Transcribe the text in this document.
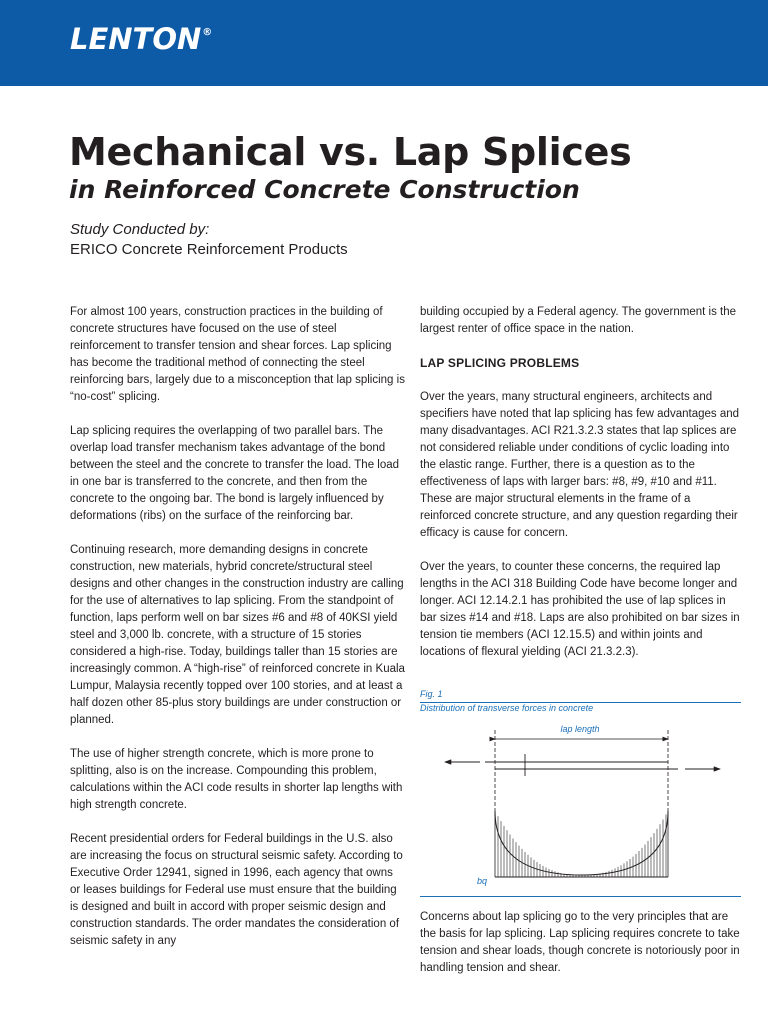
LENTON®
Mechanical vs. Lap Splices
in Reinforced Concrete Construction
Study Conducted by:
ERICO Concrete Reinforcement Products

For almost 100 years, construction practices in the building of concrete structures have focused on the use of steel reinforcement to transfer tension and shear forces. Lap splicing has become the traditional method of connecting the steel reinforcing bars, largely due to a misconception that lap splicing is “no-cost” splicing.

Lap splicing requires the overlapping of two parallel bars. The overlap load transfer mechanism takes advantage of the bond between the steel and the concrete to transfer the load. The load in one bar is transferred to the concrete, and then from the concrete to the ongoing bar. The bond is largely influenced by deformations (ribs) on the surface of the reinforcing bar.

Continuing research, more demanding designs in concrete construction, new materials, hybrid concrete/structural steel designs and other changes in the construction industry are calling for the use of alternatives to lap splicing. From the standpoint of function, laps perform well on bar sizes #6 and #8 of 40KSI yield steel and 3,000 lb. concrete, with a structure of 15 stories considered a high-rise. Today, buildings taller than 15 stories are increasingly common. A “high-rise” of reinforced concrete in Kuala Lumpur, Malaysia recently topped over 100 stories, and at least a half dozen other 85-plus story buildings are under construction or planned.

The use of higher strength concrete, which is more prone to splitting, also is on the increase. Compounding this problem, calculations within the ACI code results in shorter lap lengths with high strength concrete.

Recent presidential orders for Federal buildings in the U.S. also are increasing the focus on structural seismic safety. According to Executive Order 12941, signed in 1996, each agency that owns or leases buildings for Federal use must ensure that the building is designed and built in accord with proper seismic design and construction standards. The order mandates the consideration of seismic safety in any

building occupied by a Federal agency. The government is the largest renter of office space in the nation.

LAP SPLICING PROBLEMS

Over the years, many structural engineers, architects and specifiers have noted that lap splicing has few advantages and many disadvantages. ACI R21.3.2.3 states that lap splices are not considered reliable under conditions of cyclic loading into the elastic range. Further, there is a question as to the effectiveness of laps with larger bars: #8, #9, #10 and #11. These are major structural elements in the frame of a reinforced concrete structure, and any question regarding their efficacy is cause for concern.

Over the years, to counter these concerns, the required lap lengths in the ACI 318 Building Code have become longer and longer. ACI 12.14.2.1 has prohibited the use of lap splices in bar sizes #14 and #18. Laps are also prohibited on bar sizes in tension tie members (ACI 12.15.5) and within joints and locations of flexural yielding (ACI 21.3.2.3).

Fig. 1
Distribution of transverse forces in concrete
lap length
bq

Concerns about lap splicing go to the very principles that are the basis for lap splicing. Lap splicing requires concrete to take tension and shear loads, though concrete is notoriously poor in handling tension and shear.
